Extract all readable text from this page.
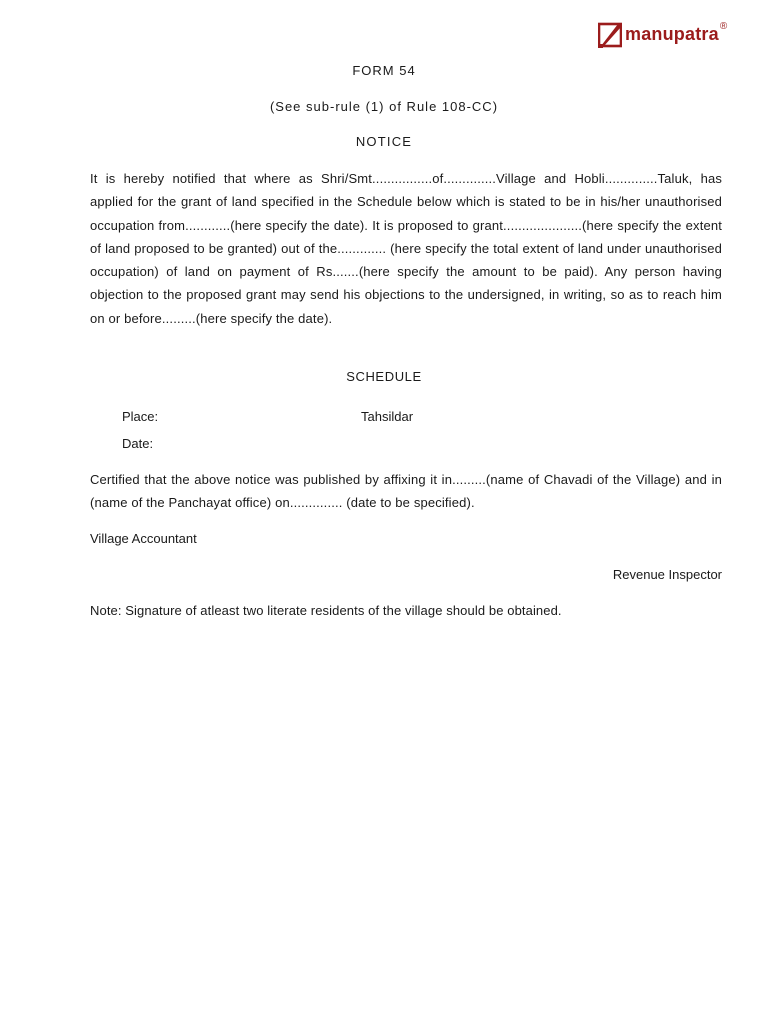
manupatra ®
FORM 54
(See sub-rule (1) of Rule 108-CC)
NOTICE
It is hereby notified that where as Shri/Smt................of..............Village and Hobli..............Taluk, has applied for the grant of land specified in the Schedule below which is stated to be in his/her unauthorised occupation from............(here specify the date). It is proposed to grant.....................(here specify the extent of land proposed to be granted) out of the............. (here specify the total extent of land under unauthorised occupation) of land on payment of Rs.......(here specify the amount to be paid). Any person having objection to the proposed grant may send his objections to the undersigned, in writing, so as to reach him on or before.........(here specify the date).
SCHEDULE
Place:	Tahsildar
Date:
Certified that the above notice was published by affixing it in.........(name of Chavadi of the Village) and in (name of the Panchayat office) on.............. (date to be specified).
Village Accountant
Revenue Inspector
Note: Signature of atleast two literate residents of the village should be obtained.
